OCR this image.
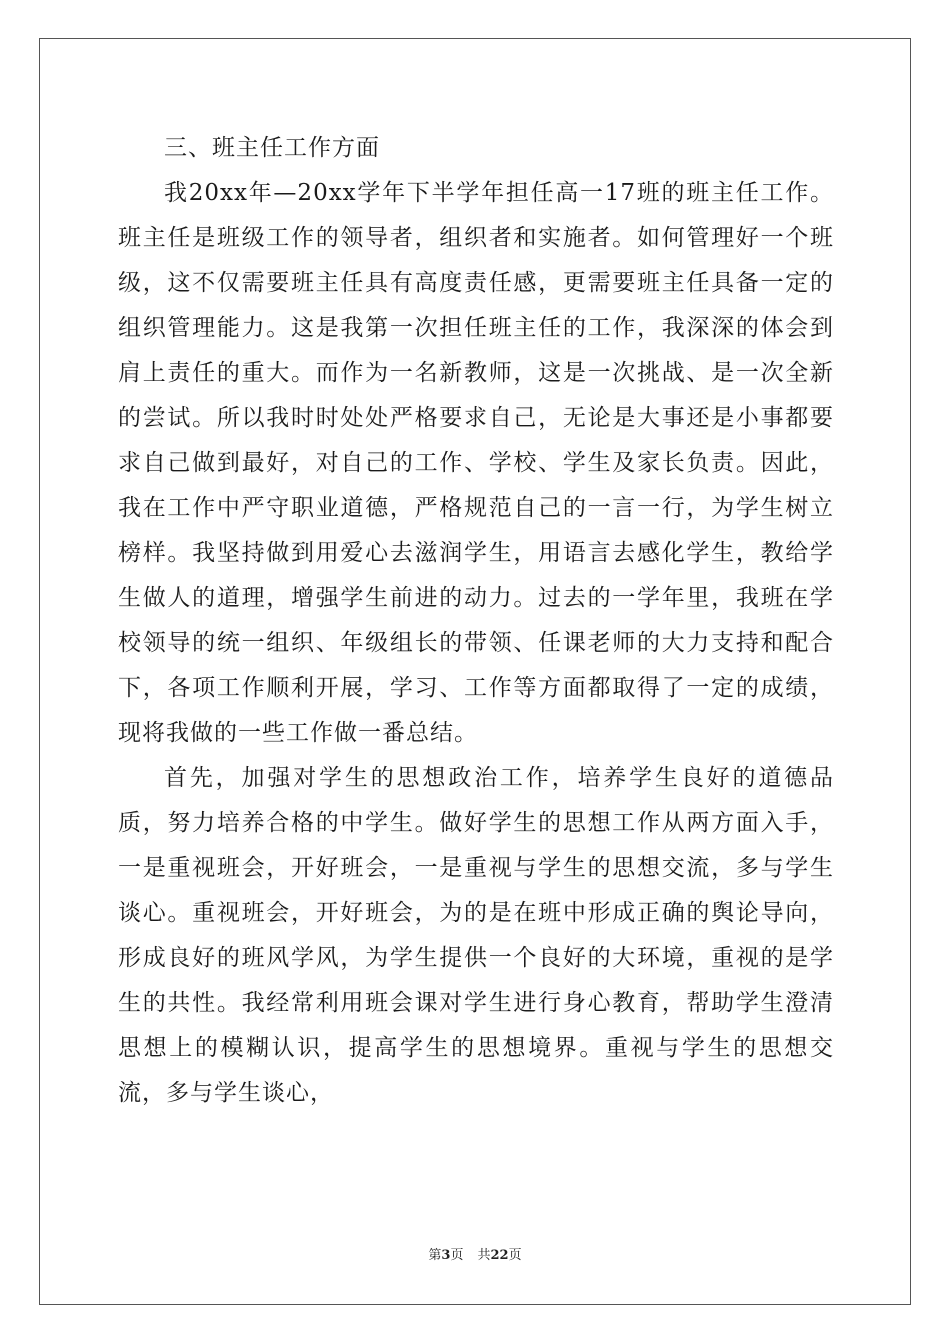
三、班主任工作方面

我20xx年—20xx学年下半学年担任高一17班的班主任工作。班主任是班级工作的领导者，组织者和实施者。如何管理好一个班级，这不仅需要班主任具有高度责任感，更需要班主任具备一定的组织管理能力。这是我第一次担任班主任的工作，我深深的体会到肩上责任的重大。而作为一名新教师，这是一次挑战、是一次全新的尝试。所以我时时处处严格要求自己，无论是大事还是小事都要求自己做到最好，对自己的工作、学校、学生及家长负责。因此，我在工作中严守职业道德，严格规范自己的一言一行，为学生树立榜样。我坚持做到用爱心去滋润学生，用语言去感化学生，教给学生做人的道理，增强学生前进的动力。过去的一学年里，我班在学校领导的统一组织、年级组长的带领、任课老师的大力支持和配合下，各项工作顺利开展，学习、工作等方面都取得了一定的成绩，现将我做的一些工作做一番总结。

首先，加强对学生的思想政治工作，培养学生良好的道德品质，努力培养合格的中学生。做好学生的思想工作从两方面入手，一是重视班会，开好班会，一是重视与学生的思想交流，多与学生谈心。重视班会，开好班会，为的是在班中形成正确的舆论导向，形成良好的班风学风，为学生提供一个良好的大环境，重视的是学生的共性。我经常利用班会课对学生进行身心教育，帮助学生澄清思想上的模糊认识，提高学生的思想境界。重视与学生的思想交流，多与学生谈心，

第3页 共22页
